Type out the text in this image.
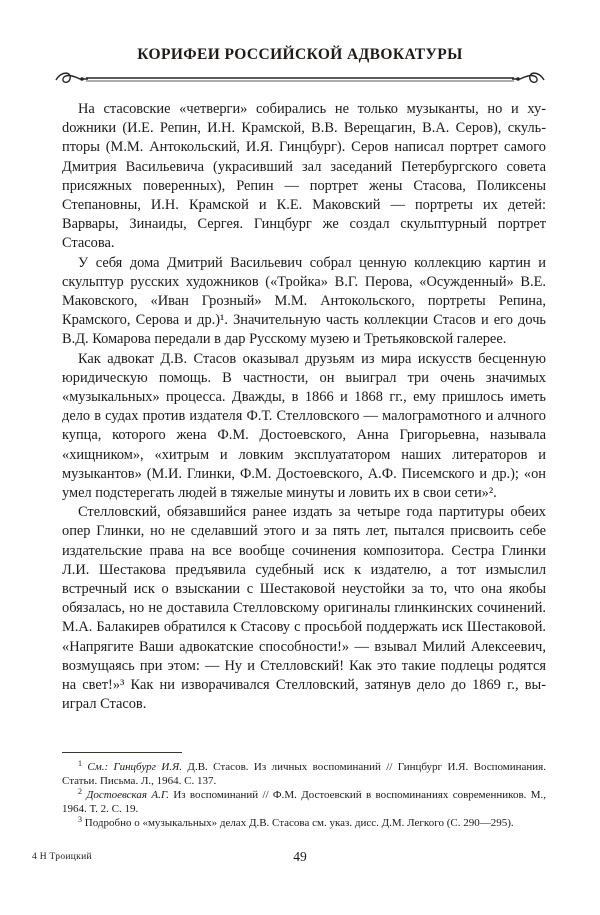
КОРИФЕИ РОССИЙСКОЙ АДВОКАТУРЫ

На стасовские «четверги» собирались не только музыканты, но и хуdожники (И.Е. Репин, И.Н. Крамской, В.В. Верещагин, В.А. Серов), скульпторы (М.М. Антокольский, И.Я. Гинцбург). Серов написал портрет самого Дмитрия Васильевича (украсивший зал заседаний Петербургского совета присяжных поверенных), Репин — портрет жены Стасова, Поликсены Степановны, И.Н. Крамской и К.Е. Маковский — портреты их детей: Варвары, Зинаиды, Сергея. Гинцбург же создал скульптурный портрет Стасова.

У себя дома Дмитрий Васильевич собрал ценную коллекцию картин и скульптур русских художников («Тройка» В.Г. Перова, «Осужденный» В.Е. Маковского, «Иван Грозный» М.М. Антокольского, портреты Репина, Крамского, Серова и др.)¹. Значительную часть коллекции Стасов и его дочь В.Д. Комарова передали в дар Русскому музею и Третьяковской галерее.

Как адвокат Д.В. Стасов оказывал друзьям из мира искусств бесценную юридическую помощь. В частности, он выиграл три очень значимых «музыкальных» процесса. Дважды, в 1866 и 1868 гг., ему пришлось иметь дело в судах против издателя Ф.Т. Стелловского — малограмотного и алчного купца, которого жена Ф.М. Достоевского, Анна Григорьевна, называла «хищником», «хитрым и ловким эксплуататором наших литераторов и музыкантов» (М.И. Глинки, Ф.М. Достоевского, А.Ф. Писемского и др.); «он умел подстерегать людей в тяжелые минуты и ловить их в свои сети»².

Стелловский, обязавшийся ранее издать за четыре года партитуры обеих опер Глинки, но не сделавший этого и за пять лет, пытался присвоить себе издательские права на все вообще сочинения композитора. Сестра Глинки Л.И. Шестакова предъявила судебный иск к издателю, а тот измыслил встречный иск о взыскании с Шестаковой неустойки за то, что она якобы обязалась, но не доставила Стелловскому оригиналы глинкинских сочинений. М.А. Балакирев обратился к Стасову с просьбой поддержать иск Шестаковой. «Напрягите Ваши адвокатские способности!» — взывал Милий Алексеевич, возмущаясь при этом: — Ну и Стелловский! Как это такие подлецы родятся на свет!»³ Как ни изворачивался Стелловский, затянув дело до 1869 г., выиграл Стасов.

$^1$ См.: Гинцбург И.Я. Д.В. Стасов. Из личных воспоминаний // Гинцбург И.Я. Воспоминания. Статьи. Письма. Л., 1964. С. 137.

$^2$ Достоевская А.Г. Из воспоминаний // Ф.М. Достоевский в воспоминаниях современников. М., 1964. Т. 2. С. 19.

$^3$ Подробно о «музыкальных» делах Д.В. Стасова см. указ. дисс. Д.М. Легкого (С. 290—295).

4 Н Троицкий	49
